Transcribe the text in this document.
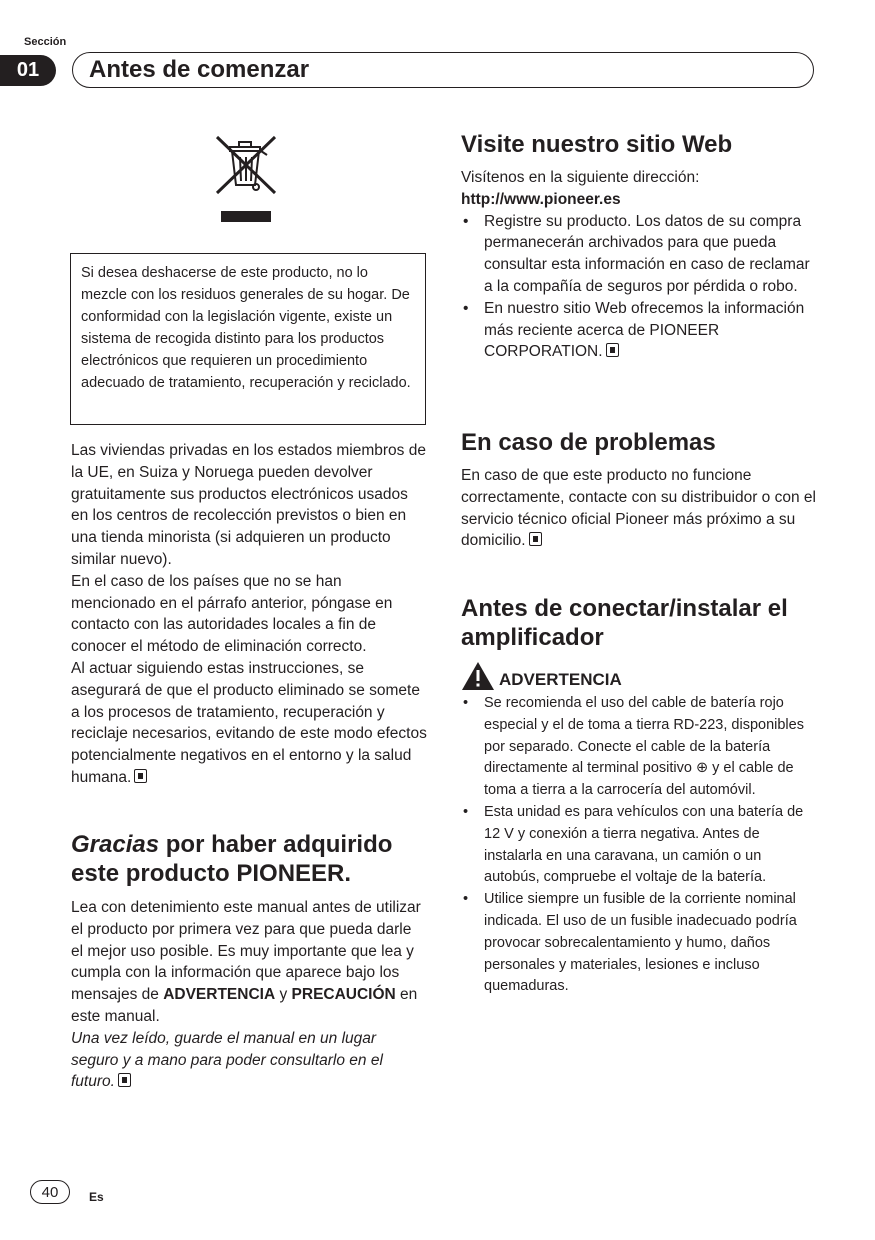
Sección
01	Antes de comenzar
Si desea deshacerse de este producto, no lo mezcle con los residuos generales de su hogar. De conformidad con la legislación vigente, existe un sistema de recogida distinto para los productos electrónicos que requieren un procedimiento adecuado de tratamiento, recuperación y reciclado.

Las viviendas privadas en los estados miembros de la UE, en Suiza y Noruega pueden devolver gratuitamente sus productos electrónicos usados en los centros de recolección previstos o bien en una tienda minorista (si adquieren un producto similar nuevo).

En el caso de los países que no se han mencionado en el párrafo anterior, póngase en contacto con las autoridades locales a fin de conocer el método de eliminación correcto.

Al actuar siguiendo estas instrucciones, se asegurará de que el producto eliminado se somete a los procesos de tratamiento, recuperación y reciclaje necesarios, evitando de este modo efectos potencialmente negativos en el entorno y la salud humana.

Gracias por haber adquirido este producto PIONEER.

Lea con detenimiento este manual antes de utilizar el producto por primera vez para que pueda darle el mejor uso posible. Es muy importante que lea y cumpla con la información que aparece bajo los mensajes de ADVERTENCIA y PRECAUCIÓN en este manual.

Una vez leído, guarde el manual en un lugar seguro y a mano para poder consultarlo en el futuro.

Visite nuestro sitio Web

Visítenos en la siguiente dirección:

http://www.pioneer.es

• Registre su producto. Los datos de su compra permanecerán archivados para que pueda consultar esta información en caso de reclamar a la compañía de seguros por pérdida o robo.
• En nuestro sitio Web ofrecemos la información más reciente acerca de PIONEER CORPORATION.
En caso de problemas

En caso de que este producto no funcione correctamente, contacte con su distribuidor o con el servicio técnico oficial Pioneer más próximo a su domicilio.

Antes de conectar/instalar el amplificador
ADVERTENCIA
• Se recomienda el uso del cable de batería rojo especial y el de toma a tierra RD-223, disponibles por separado. Conecte el cable de la batería directamente al terminal positivo ⊕ y el cable de toma a tierra a la carrocería del automóvil.
• Esta unidad es para vehículos con una batería de 12 V y conexión a tierra negativa. Antes de instalarla en una caravana, un camión o un autobús, compruebe el voltaje de la batería.
• Utilice siempre un fusible de la corriente nominal indicada. El uso de un fusible inadecuado podría provocar sobrecalentamiento y humo, daños personales y materiales, lesiones e incluso quemaduras.
40	Es
